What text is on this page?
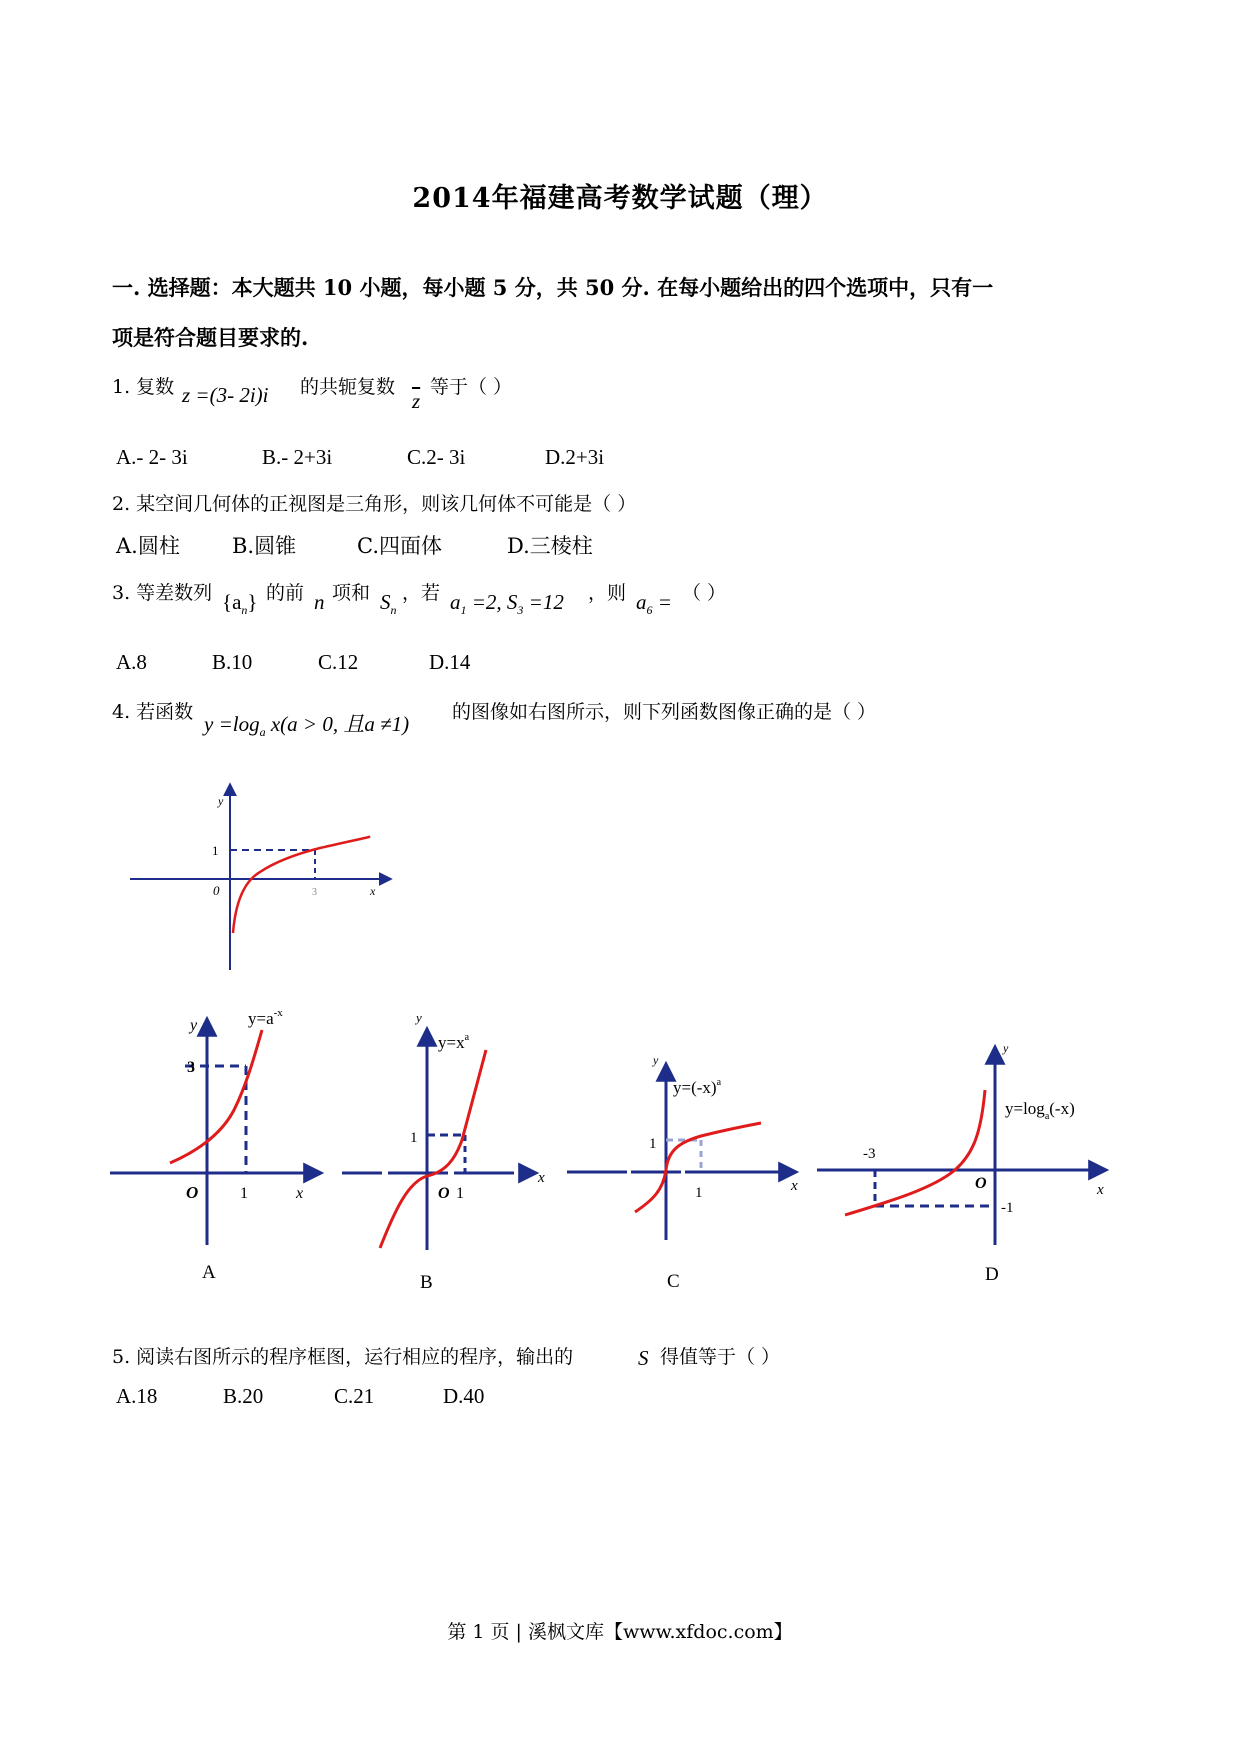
2014年福建高考数学试题（理）
一. 选择题：本大题共 10 小题，每小题 5 分，共 50 分. 在每小题给出的四个选项中，只有一
项是符合题目要求的.
1. 复数 z =(3- 2i)i 的共轭复数
$\overline{z}$
等于（ ）
A.- 2- 3i	B.- 2+3i	C.2- 3i	D.2+3i
2. 某空间几何体的正视图是三角形，则该几何体不可能是（ ）
A.圆柱 B.圆锥	C.四面体	D.三棱柱
3. 等差数列 $\{a_n\}$ 的前 n 项和 $S_n$
，若 $a_1 =2$, $S_3 =12$ ，则 $a_6$ = （ ）
A.8	B.10	C.12	D.14
4. 若函数 $y =\log_a$ x(a > 0, 且a ≠1) 的图像如右图所示，则下列函数图像正确的是（ ）
y
x
0
1
3
y	$y=a^{-x}$
3
O	1	x
A
y
$y=x^a$
1
O 1
x
B
y
$y=(-x)^a$
1
1	x
C
y
$y=\log_a(-x)$
-3
O
-1
x
D
5. 阅读右图所示的程序框图，运行相应的程序，输出的	S 得值等于（ ）
A.18	B.20	C.21	D.40
第 1 页 | 溪枫文库【www.xfdoc.com】
